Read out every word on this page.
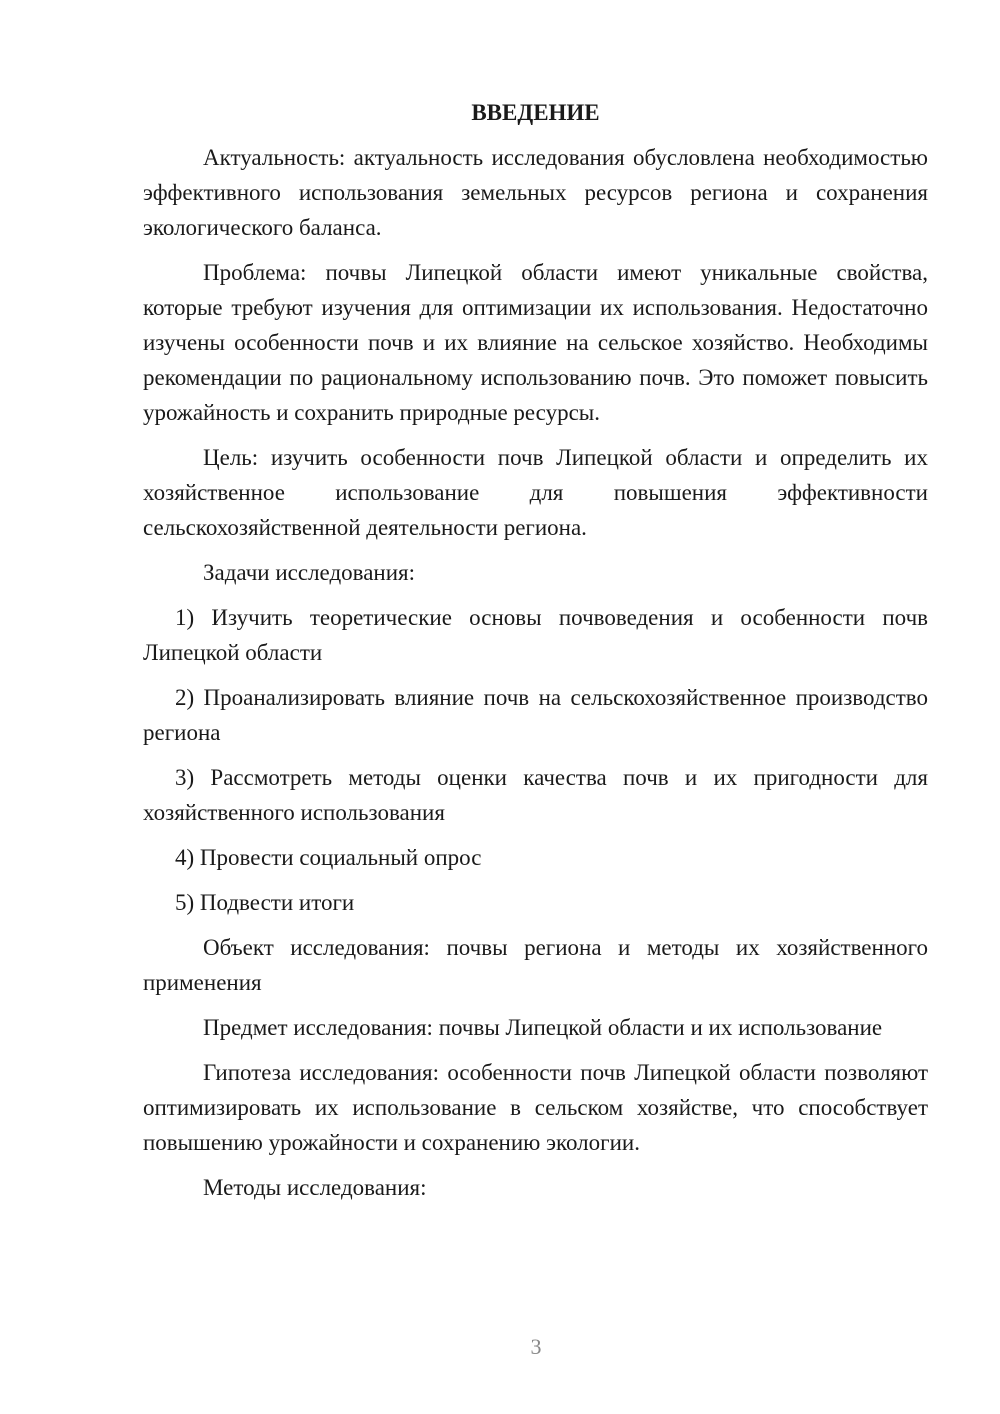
ВВЕДЕНИЕ

Актуальность: актуальность исследования обусловлена необходимостью эффективного использования земельных ресурсов региона и сохранения экологического баланса.

Проблема: почвы Липецкой области имеют уникальные свойства, которые требуют изучения для оптимизации их использования. Недостаточно изучены особенности почв и их влияние на сельское хозяйство. Необходимы рекомендации по рациональному использованию почв. Это поможет повысить урожайность и сохранить природные ресурсы.

Цель: изучить особенности почв Липецкой области и определить их хозяйственное использование для повышения эффективности сельскохозяйственной деятельности региона.

Задачи исследования:

1) Изучить теоретические основы почвоведения и особенности почв Липецкой области

2) Проанализировать влияние почв на сельскохозяйственное производство региона

3) Рассмотреть методы оценки качества почв и их пригодности для хозяйственного использования

4) Провести социальный опрос

5) Подвести итоги

Объект исследования: почвы региона и методы их хозяйственного применения

Предмет исследования: почвы Липецкой области и их использование

Гипотеза исследования: особенности почв Липецкой области позволяют оптимизировать их использование в сельском хозяйстве, что способствует повышению урожайности и сохранению экологии.

Методы исследования:

3
